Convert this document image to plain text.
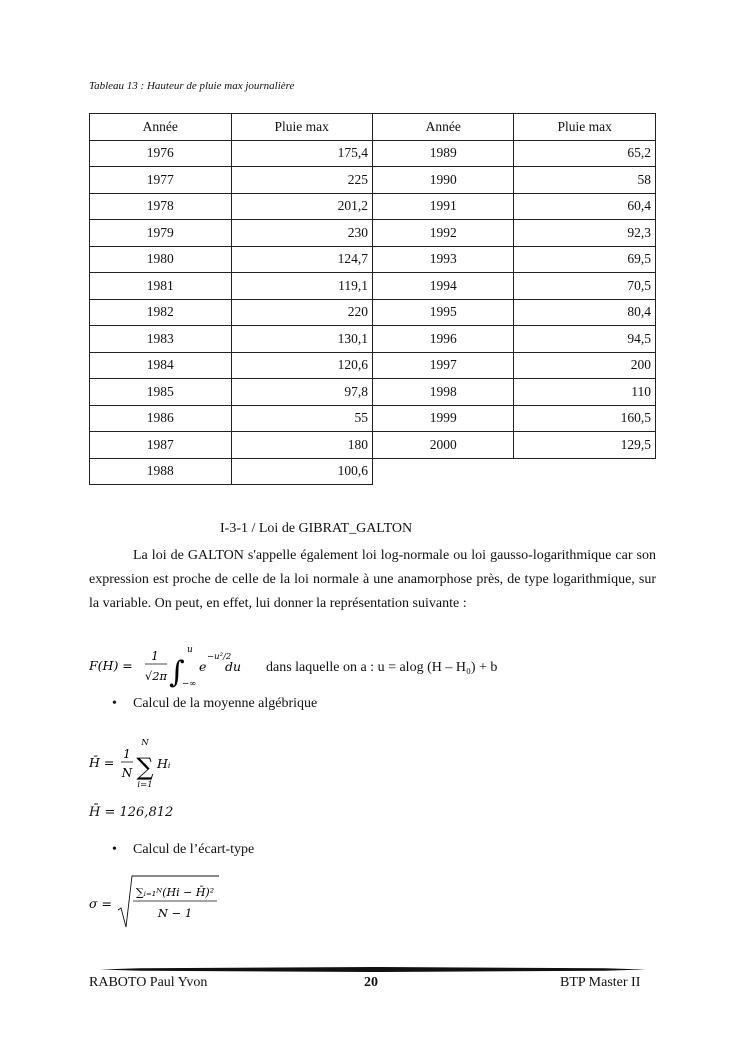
Tableau 13 : Hauteur de pluie max journalière
Année	Pluie max	Année	Pluie max
1976	175,4	1989	65,2
1977	225	1990	58
1978	201,2	1991	60,4
1979	230	1992	92,3
1980	124,7	1993	69,5
1981	119,1	1994	70,5
1982	220	1995	80,4
1983	130,1	1996	94,5
1984	120,6	1997	200
1985	97,8	1998	110
1986	55	1999	160,5
1987	180	2000	129,5
1988	100,6		
I-3-1 / Loi de GIBRAT_GALTON
La loi de GALTON s'appelle également loi log-normale ou loi gausso-logarithmique car son expression est proche de celle de la loi normale à une anamorphose près, de type logarithmique, sur la variable. On peut, en effet, lui donner la représentation suivante :
F(H) =
1
√2π ∫
u
−∞
e
−u²/2
du dans laquelle on a : u = alog (H – H₀) + b
• Calcul de la moyenne algébrique
H̄ =
1
N
N
∑
i=1
Hᵢ
H̄ = 126,812
• Calcul de l’écart-type
σ =
∑ᵢ₌₁ᴺ(Hi − H̄)²
N − 1
RABOTO Paul Yvon	20	BTP Master II
